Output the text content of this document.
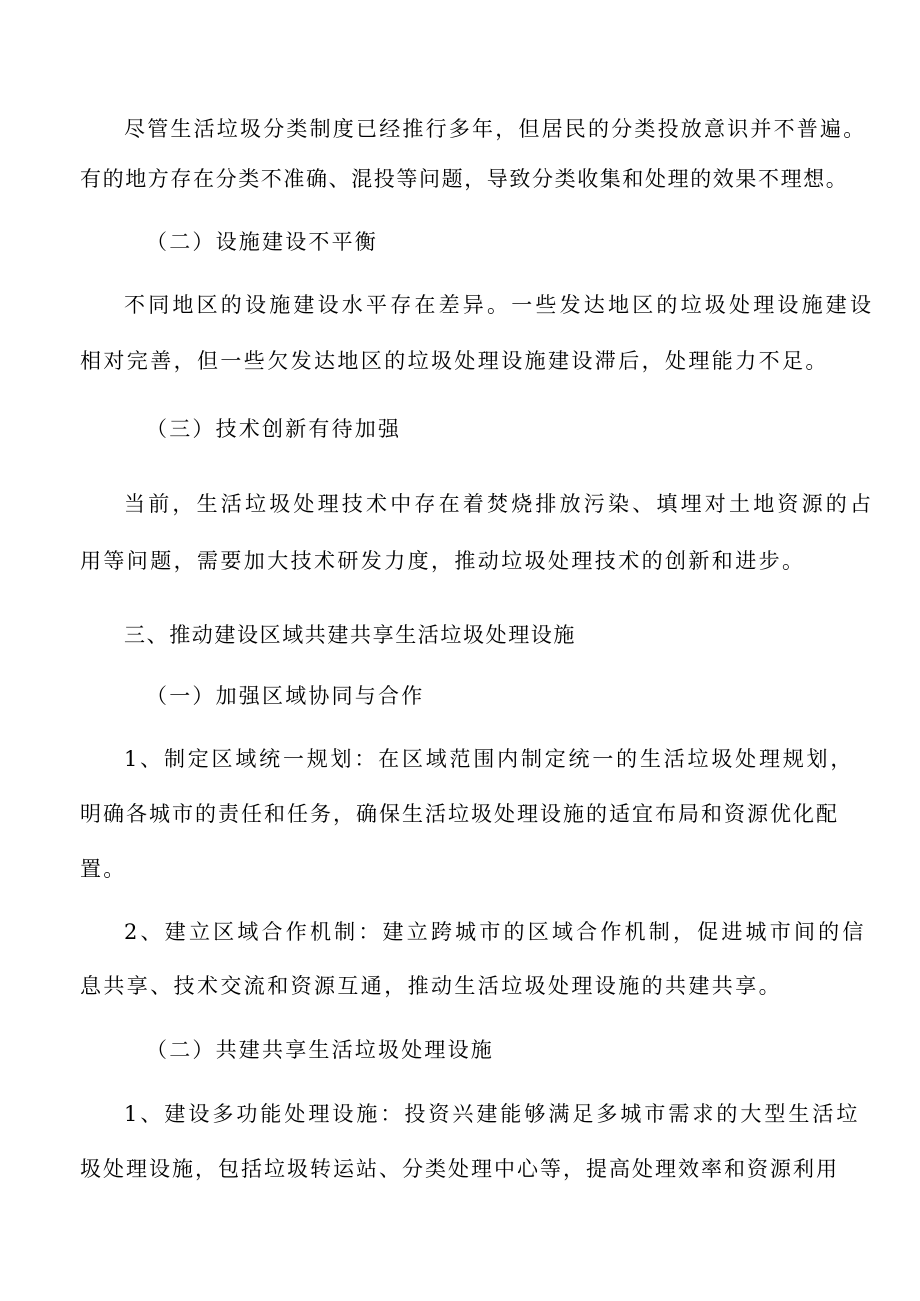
尽管生活垃圾分类制度已经推行多年，但居民的分类投放意识并不普遍。
有的地方存在分类不准确、混投等问题，导致分类收集和处理的效果不理想。
（二）设施建设不平衡
不同地区的设施建设水平存在差异。一些发达地区的垃圾处理设施建设
相对完善，但一些欠发达地区的垃圾处理设施建设滞后，处理能力不足。
（三）技术创新有待加强
当前，生活垃圾处理技术中存在着焚烧排放污染、填埋对土地资源的占
用等问题，需要加大技术研发力度，推动垃圾处理技术的创新和进步。
三、推动建设区域共建共享生活垃圾处理设施
（一）加强区域协同与合作
1、制定区域统一规划：在区域范围内制定统一的生活垃圾处理规划，
明确各城市的责任和任务，确保生活垃圾处理设施的适宜布局和资源优化配
置。
2、建立区域合作机制：建立跨城市的区域合作机制，促进城市间的信
息共享、技术交流和资源互通，推动生活垃圾处理设施的共建共享。
（二）共建共享生活垃圾处理设施
1、建设多功能处理设施：投资兴建能够满足多城市需求的大型生活垃
圾处理设施，包括垃圾转运站、分类处理中心等，提高处理效率和资源利用
